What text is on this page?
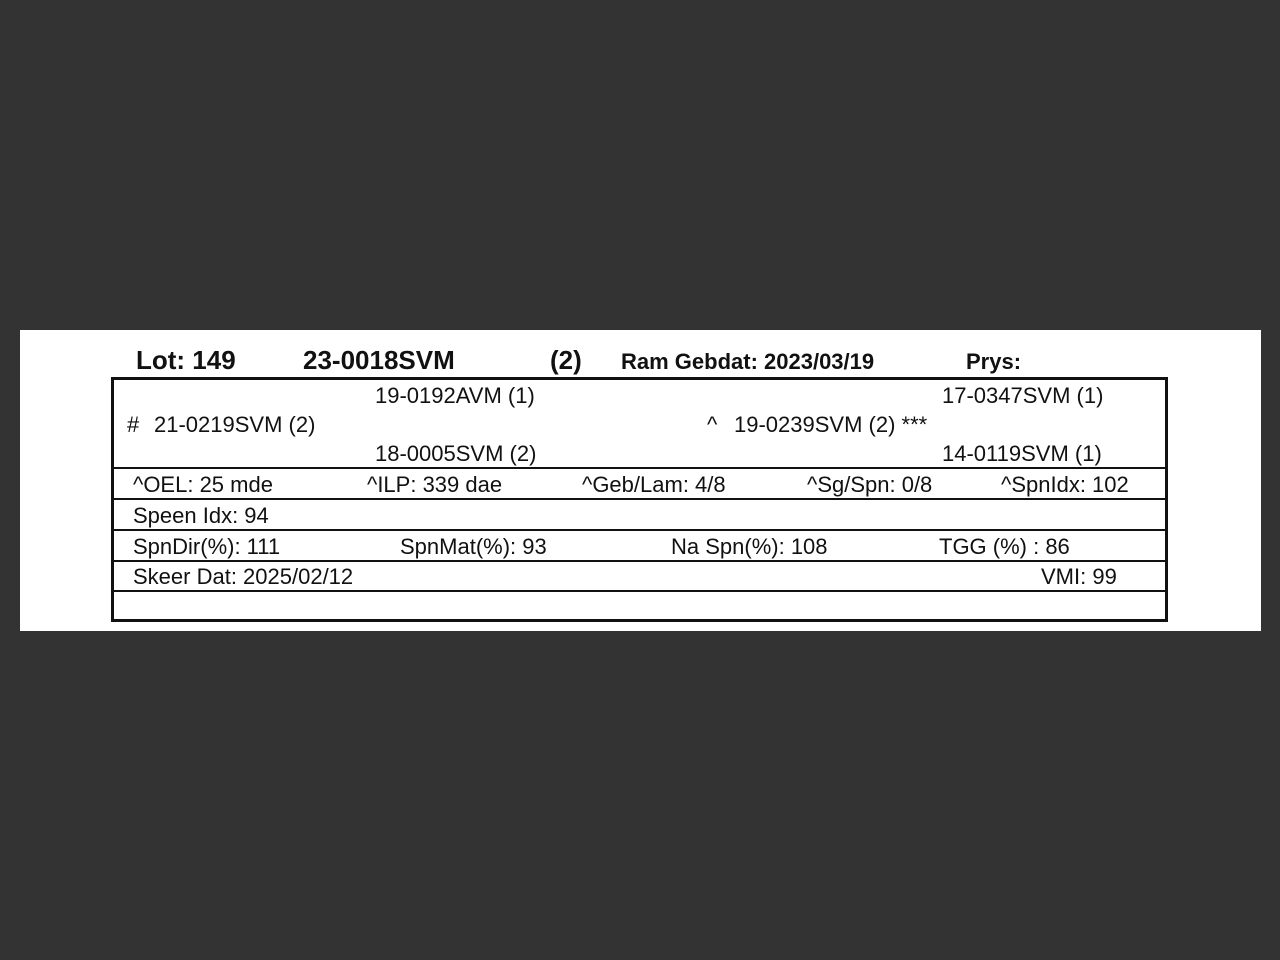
Lot: 149	23-0018SVM	(2) Ram Gebdat: 2023/03/19	Prys:
19-0192AVM (1)	17-0347SVM (1)
# 21-0219SVM (2)	^ 19-0239SVM (2) ***
18-0005SVM (2)	14-0119SVM (1)
^OEL: 25 mde	^ILP: 339 dae	^Geb/Lam: 4/8	^Sg/Spn: 0/8	^SpnIdx: 102
Speen Idx: 94
SpnDir(%): 111	SpnMat(%): 93	Na Spn(%): 108	TGG (%) : 86
Skeer Dat: 2025/02/12	VMI: 99
